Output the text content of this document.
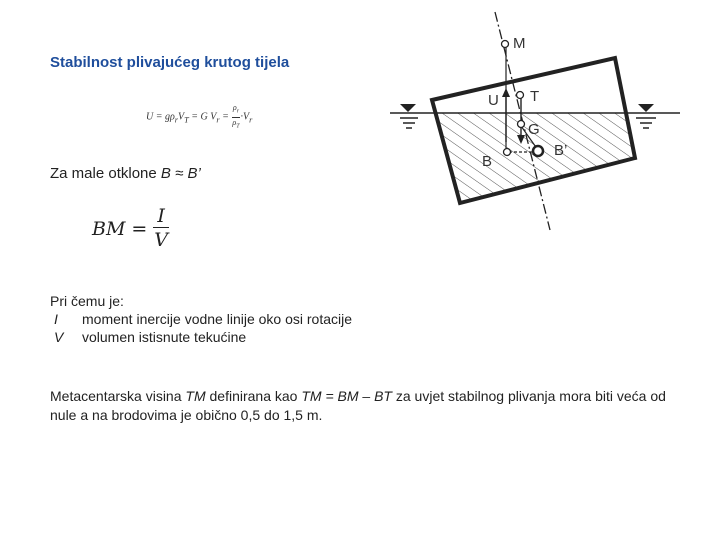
Stabilnost plivajućeg krutog tijela
$U = g\rho_rV_T = G$ $V_r = \frac{\rho_r}{\rho_T} \cdot V_r$
Za male otklone B ≈ B’
BM = $\frac{I}{V}$
Pri čemu je:
I	moment inercije vodne linije oko osi rotacije
V	volumen istisnute tekućine
Metacentarska visina TM definirana kao TM = BM – BT za uvjet stabilnog plivanja mora biti veća od nule a na brodovima je obično 0,5 do 1,5 m.
M
U T
G
B
B’
